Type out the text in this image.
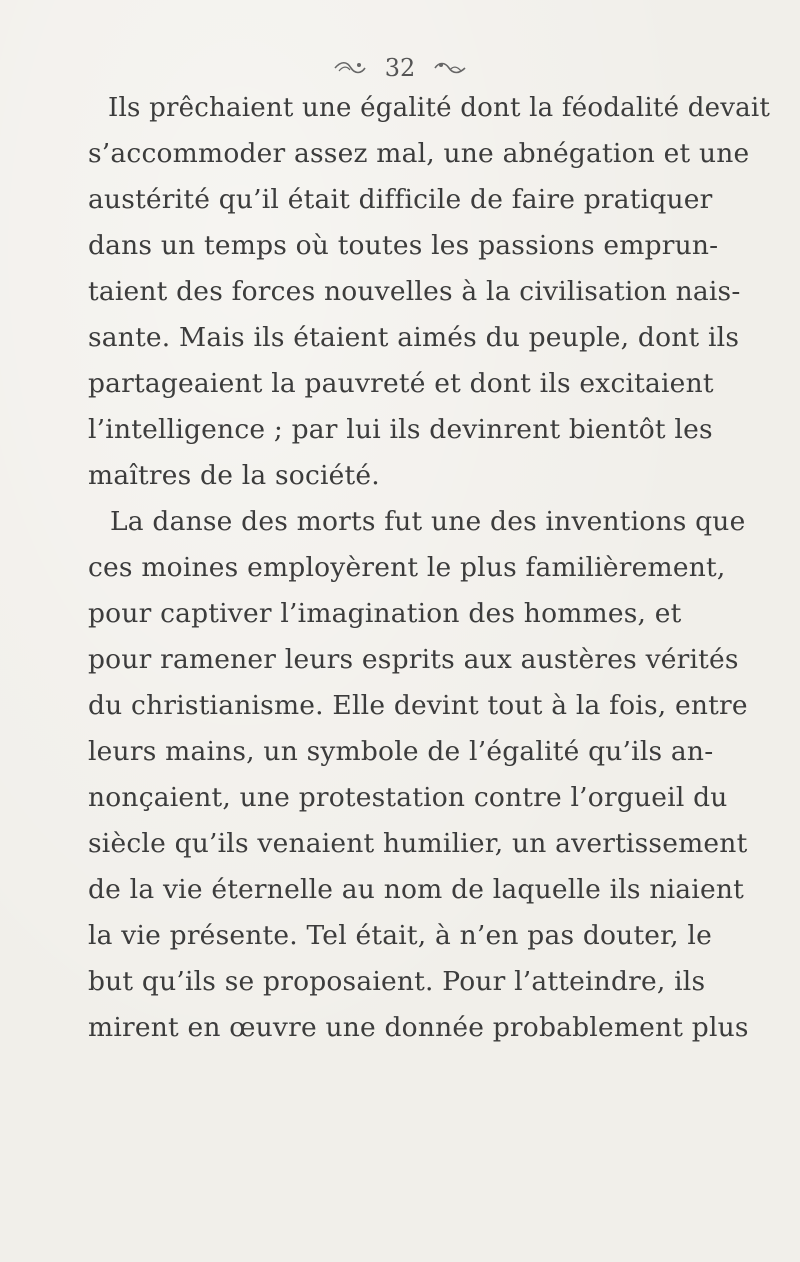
32
Ils prêchaient une égalité dont la féodalité devait
s’accommoder assez mal, une abnégation et une
austérité qu’il était difficile de faire pratiquer
dans un temps où toutes les passions emprun-
taient des forces nouvelles à la civilisation nais-
sante. Mais ils étaient aimés du peuple, dont ils
partageaient la pauvreté et dont ils excitaient
l’intelligence ; par lui ils devinrent bientôt les
maîtres de la société.
La danse des morts fut une des inventions que
ces moines employèrent le plus familièrement,
pour captiver l’imagination des hommes, et
pour ramener leurs esprits aux austères vérités
du christianisme. Elle devint tout à la fois, entre
leurs mains, un symbole de l’égalité qu’ils an-
nonçaient, une protestation contre l’orgueil du
siècle qu’ils venaient humilier, un avertissement
de la vie éternelle au nom de laquelle ils niaient
la vie présente. Tel était, à n’en pas douter, le
but qu’ils se proposaient. Pour l’atteindre, ils
mirent en œuvre une donnée probablement plus
